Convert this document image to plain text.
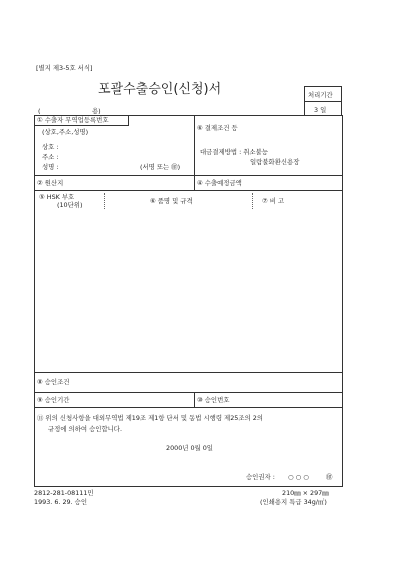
[별지 제3-5호 서식]
포괄수출승인(신청)서
(	용)
처리기간
3 일
① 수출자 무역업등록번호
(상호,주소,성명)
상호 :
주소 :
성명 :	(서명 또는 ㊞)
⑥ 결제조건 등
대금결제방법 : 취소불능
일람불화환신용장
② 원산지	④ 수출예정금액
⑤ HSK 부호
(10단위)	⑥ 품명 및 규격	⑦ 비 고
⑧ 승인조건
⑨ 승인기간	⑩ 승인번호
⑪ 위의 신청사항을 대외무역법 제19조 제1항 단서 및 동법 시행령 제25조의 2의
규정에 의하여 승인합니다.
2000년 0월 0일
승인권자 : ○ ○ ○	㊞
2812-281-08111민
1993. 6. 29. 승인
210㎜ × 297㎜
(인쇄용지 특급 34g/㎡)
